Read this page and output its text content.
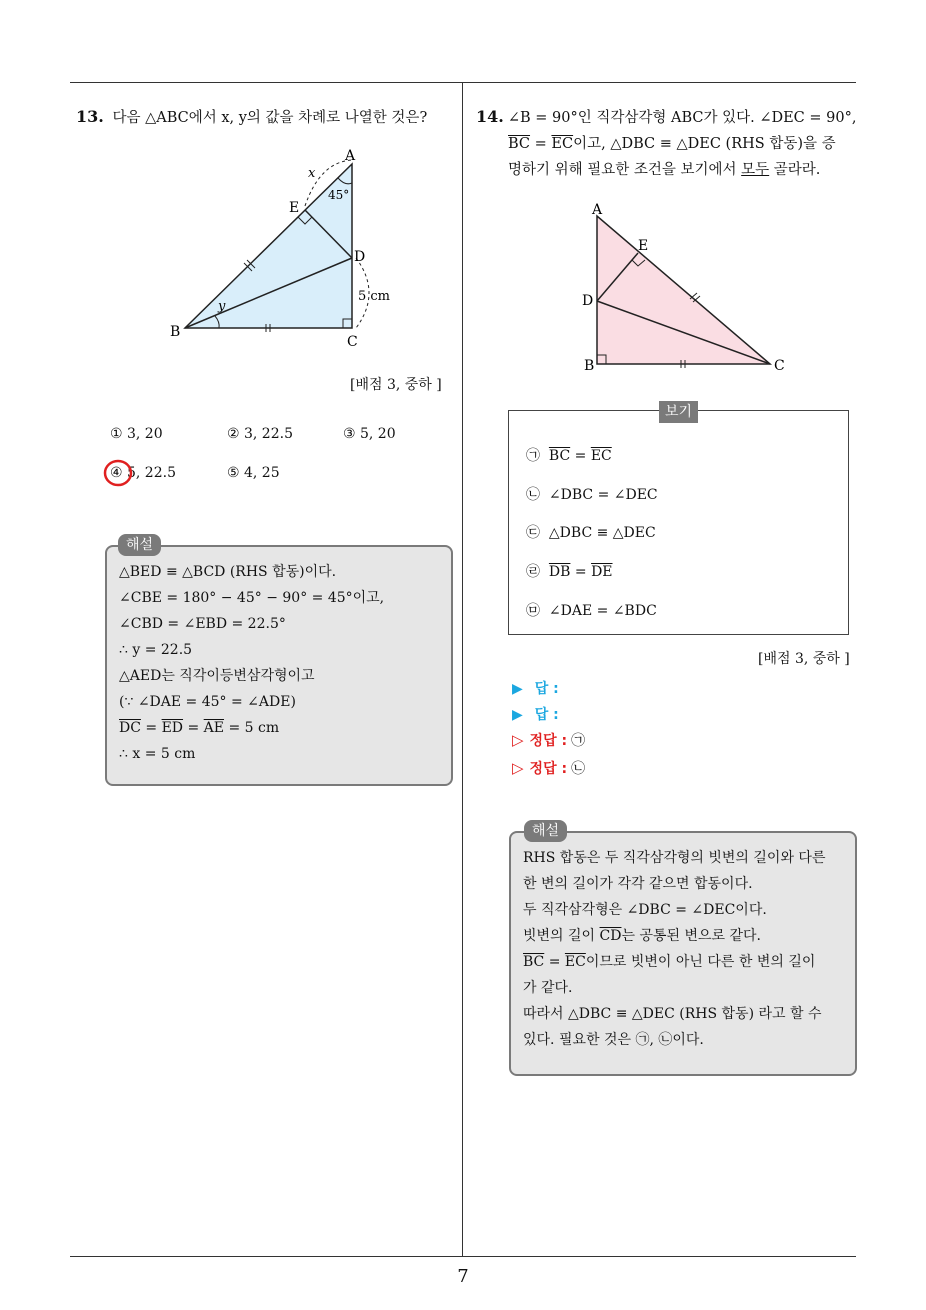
7
13. 다음 △ABC에서 x, y의 값을 차례로 나열한 것은?
A
B
C
D
E
x
y
45°
5 cm
[배점 3, 중하 ]
① 3, 20	② 3, 22.5	③ 5, 20
④ 5, 22.5	⑤ 4, 25
△BED ≡ △BCD (RHS 합동)이다.
∠CBE = 180° − 45° − 90° = 45°이고,
∠CBD = ∠EBD = 22.5°
∴ y = 22.5
△AED는 직각이등변삼각형이고
(∵ ∠DAE = 45° = ∠ADE)
$\overline{DC} = \overline{ED} = \overline{AE} = 5$ cm
∴ x = 5 cm
해설
14. ∠B = 90°인 직각삼각형 ABC가 있다. ∠DEC = 90°,
$\overline{BC} = \overline{EC}$이고, △DBC ≡ △DEC (RHS 합동)을 증
명하기 위해 필요한 조건을 보기에서 모두 골라라.
A
B	C
D
E
보기
㉠ $\overline{BC} = \overline{EC}$
㉡ ∠DBC = ∠DEC
㉢ △DBC ≡ △DEC
㉣ $\overline{DB} = \overline{DE}$
㉤ ∠DAE = ∠BDC
[배점 3, 중하 ]
▶ 답 :
▶ 답 :
▷ 정답 : ㉠
▷ 정답 : ㉡
RHS 합동은 두 직각삼각형의 빗변의 길이와 다른
한 변의 길이가 각각 같으면 합동이다.
두 직각삼각형은 ∠DBC = ∠DEC이다.
빗변의 길이 $\overline{CD}$는 공통된 변으로 같다.
$\overline{BC} = \overline{EC}$이므로 빗변이 아닌 다른 한 변의 길이
가 같다.
따라서 △DBC ≡ △DEC (RHS 합동) 라고 할 수
있다. 필요한 것은 ㉠, ㉡이다.
해설
